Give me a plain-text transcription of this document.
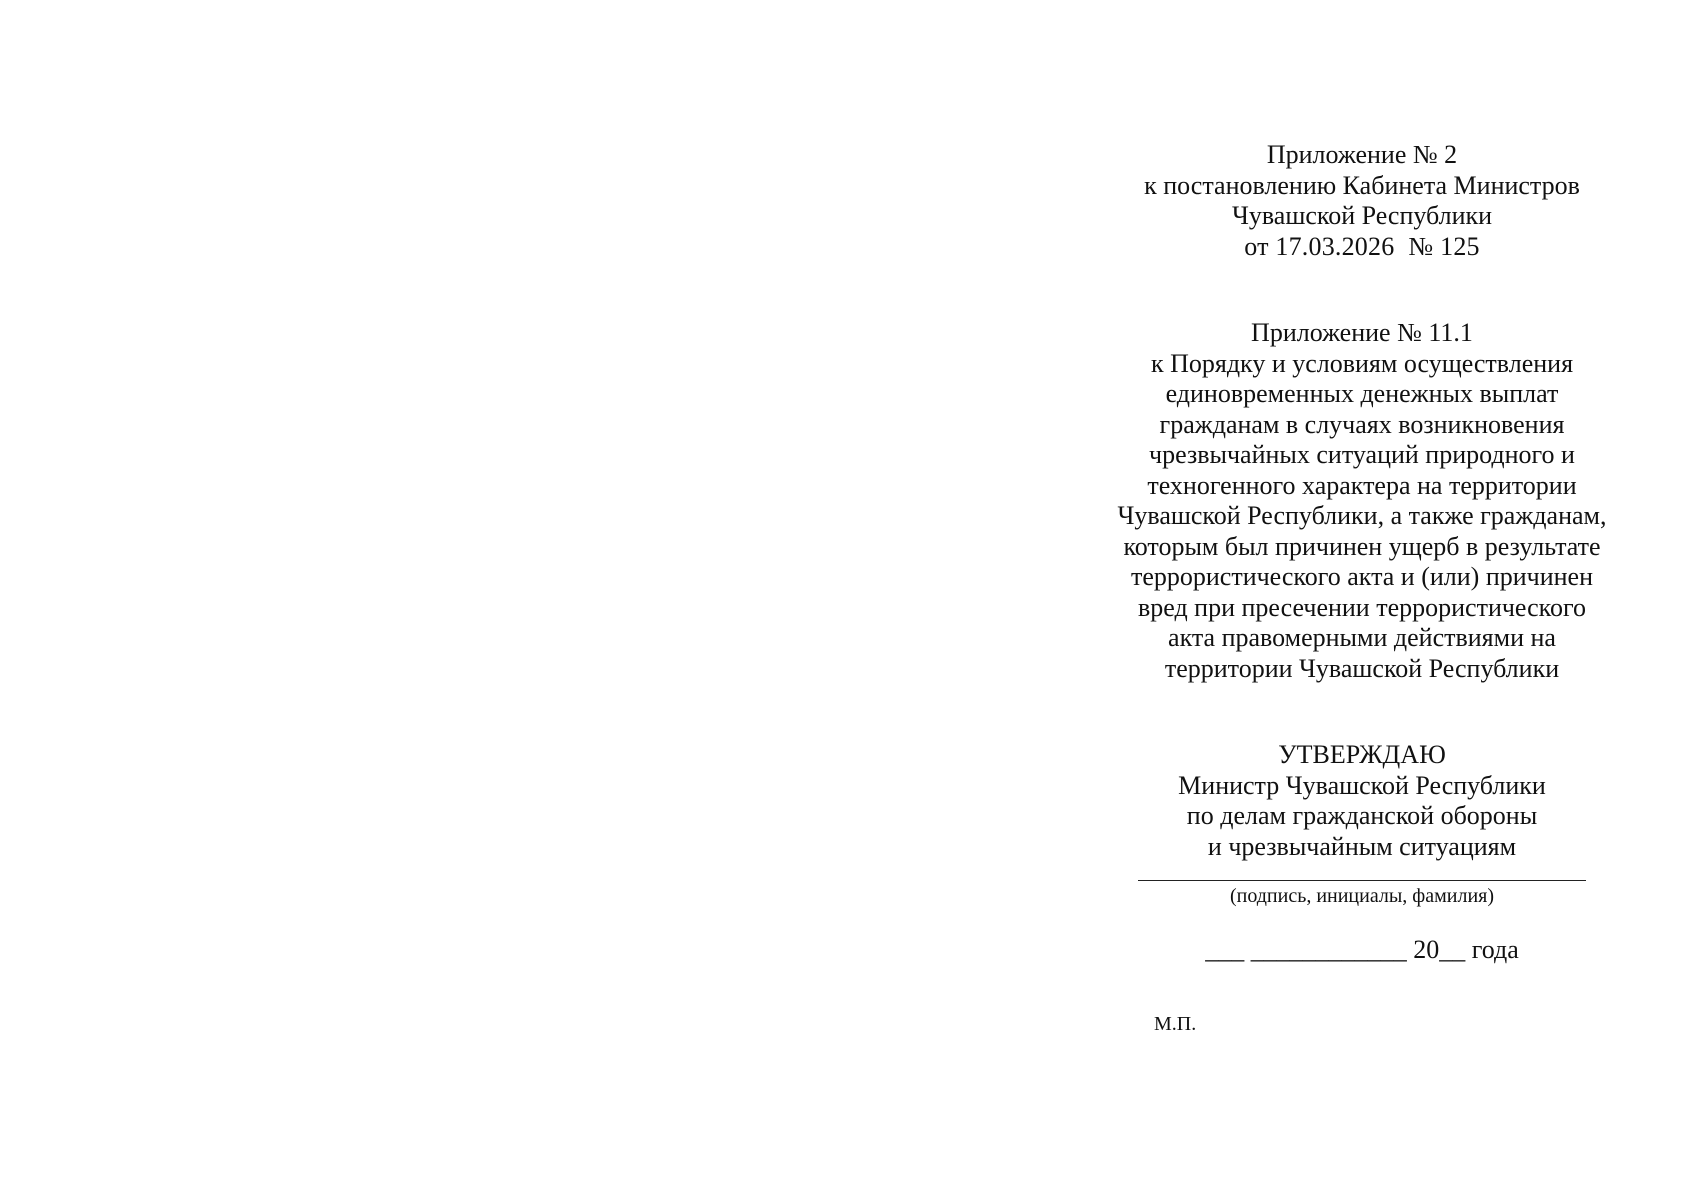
Приложение № 2
к постановлению Кабинета Министров
Чувашской Республики
от 17.03.2026 № 125
Приложение № 11.1
к Порядку и условиям осуществления
единовременных денежных выплат
гражданам в случаях возникновения
чрезвычайных ситуаций природного и
техногенного характера на территории
Чувашской Республики, а также гражданам,
которым был причинен ущерб в результате
террористического акта и (или) причинен
вред при пресечении террористического
акта правомерными действиями на
территории Чувашской Республики
УТВЕРЖДАЮ
Министр Чувашской Республики
по делам гражданской обороны
и чрезвычайным ситуациям
(подпись, инициалы, фамилия)
___ ____________ 20__ года
М.П.
